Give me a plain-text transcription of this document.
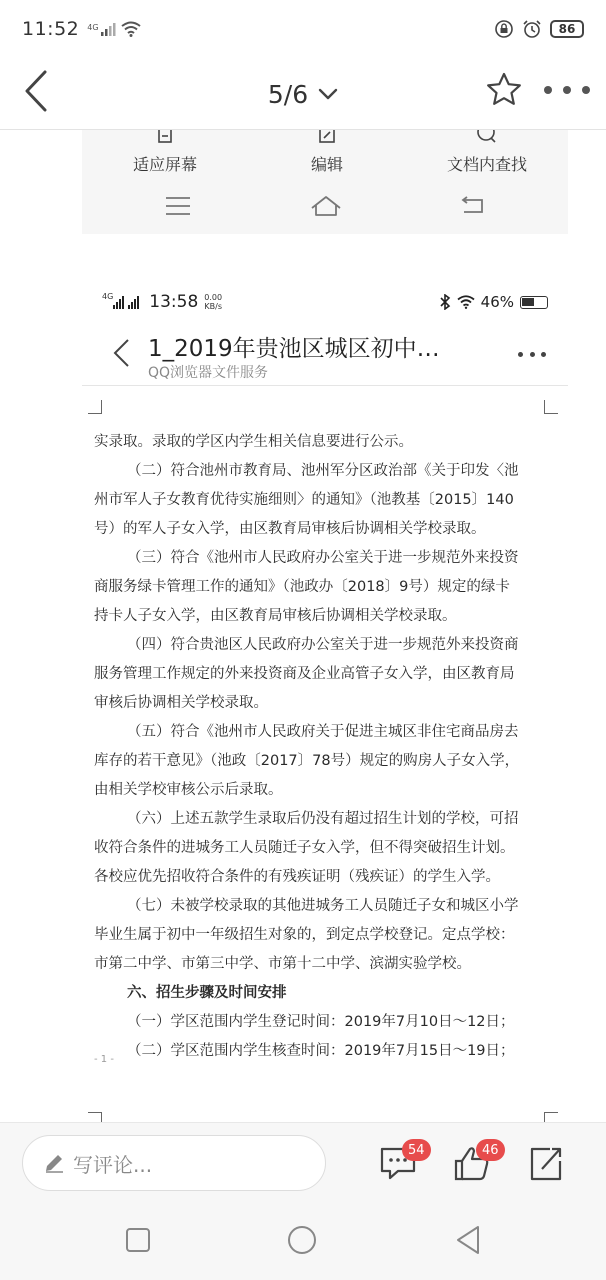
11:52 4G	86
5/6
适应屏幕	编辑	文档内查找
4G 13:58 0.00
KB/s	46%
1_2019年贵池区城区初中…
QQ浏览器文件服务
实录取。录取的学区内学生相关信息要进行公示。
（二）符合池州市教育局、池州军分区政治部《关于印发〈池
州市军人子女教育优待实施细则〉的通知》（池教基〔2015〕140
号）的军人子女入学，由区教育局审核后协调相关学校录取。
（三）符合《池州市人民政府办公室关于进一步规范外来投资
商服务绿卡管理工作的通知》（池政办〔2018〕9号）规定的绿卡
持卡人子女入学，由区教育局审核后协调相关学校录取。
（四）符合贵池区人民政府办公室关于进一步规范外来投资商
服务管理工作规定的外来投资商及企业高管子女入学，由区教育局
审核后协调相关学校录取。
（五）符合《池州市人民政府关于促进主城区非住宅商品房去
库存的若干意见》（池政〔2017〕78号）规定的购房人子女入学，
由相关学校审核公示后录取。
（六）上述五款学生录取后仍没有超过招生计划的学校，可招
收符合条件的进城务工人员随迁子女入学，但不得突破招生计划。
各校应优先招收符合条件的有残疾证明（残疾证）的学生入学。
（七）未被学校录取的其他进城务工人员随迁子女和城区小学
毕业生属于初中一年级招生对象的，到定点学校登记。定点学校：
市第二中学、市第三中学、市第十二中学、滨湖实验学校。
六、招生步骤及时间安排
（一）学区范围内学生登记时间：2019年7月10日～12日；
（二）学区范围内学生核查时间：2019年7月15日～19日；
- 1 -
写评论...
54	46
